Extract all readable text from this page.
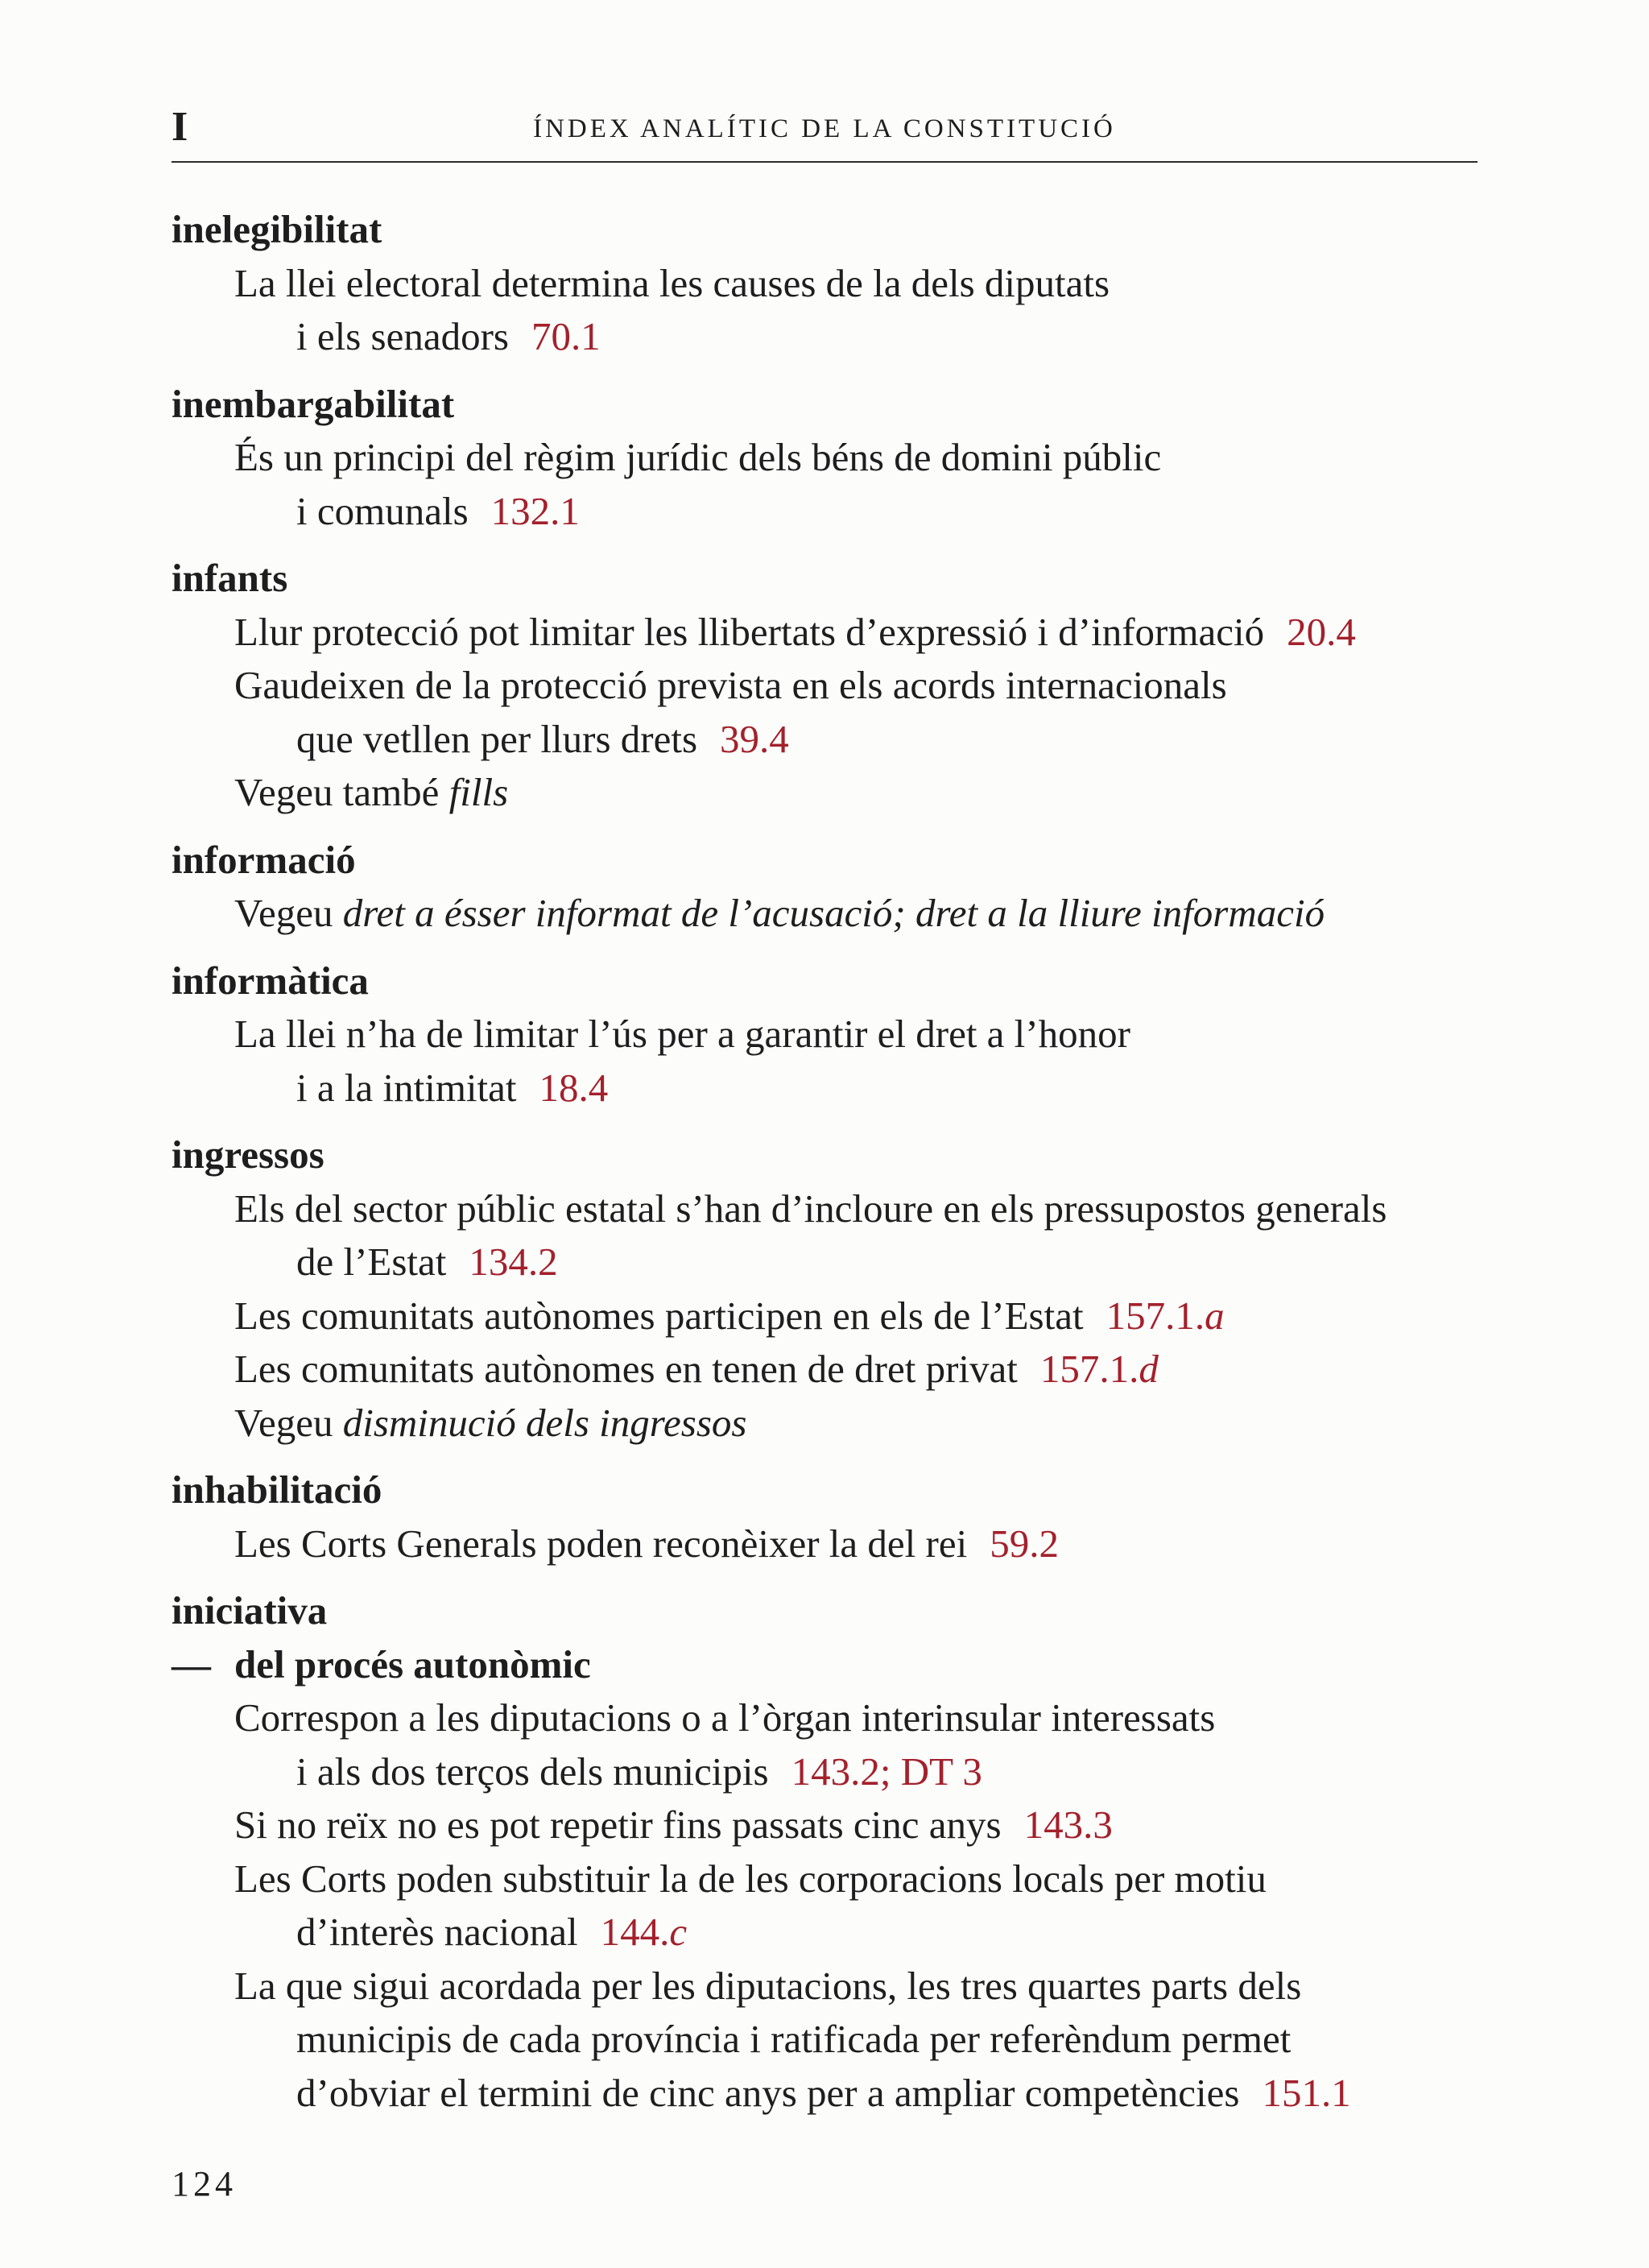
I	ÍNDEX ANALÍTIC DE LA CONSTITUCIÓ
inelegibilitat
La llei electoral determina les causes de la dels diputats
i els senadors 70.1
inembargabilitat
És un principi del règim jurídic dels béns de domini públic
i comunals 132.1
infants
Llur protecció pot limitar les llibertats d’expressió i d’informació 20.4
Gaudeixen de la protecció prevista en els acords internacionals
que vetllen per llurs drets 39.4
Vegeu també fills
informació
Vegeu dret a ésser informat de l’acusació; dret a la lliure informació
informàtica
La llei n’ha de limitar l’ús per a garantir el dret a l’honor
i a la intimitat 18.4
ingressos
Els del sector públic estatal s’han d’incloure en els pressupostos generals
de l’Estat 134.2
Les comunitats autònomes participen en els de l’Estat 157.1.a
Les comunitats autònomes en tenen de dret privat 157.1.d
Vegeu disminució dels ingressos
inhabilitació
Les Corts Generals poden reconèixer la del rei 59.2
iniciativa
— del procés autonòmic
Correspon a les diputacions o a l’òrgan interinsular interessats
i als dos terços dels municipis 143.2; DT 3
Si no reïx no es pot repetir fins passats cinc anys 143.3
Les Corts poden substituir la de les corporacions locals per motiu
d’interès nacional 144.c
La que sigui acordada per les diputacions, les tres quartes parts dels
municipis de cada província i ratificada per referèndum permet
d’obviar el termini de cinc anys per a ampliar competències 151.1
124
